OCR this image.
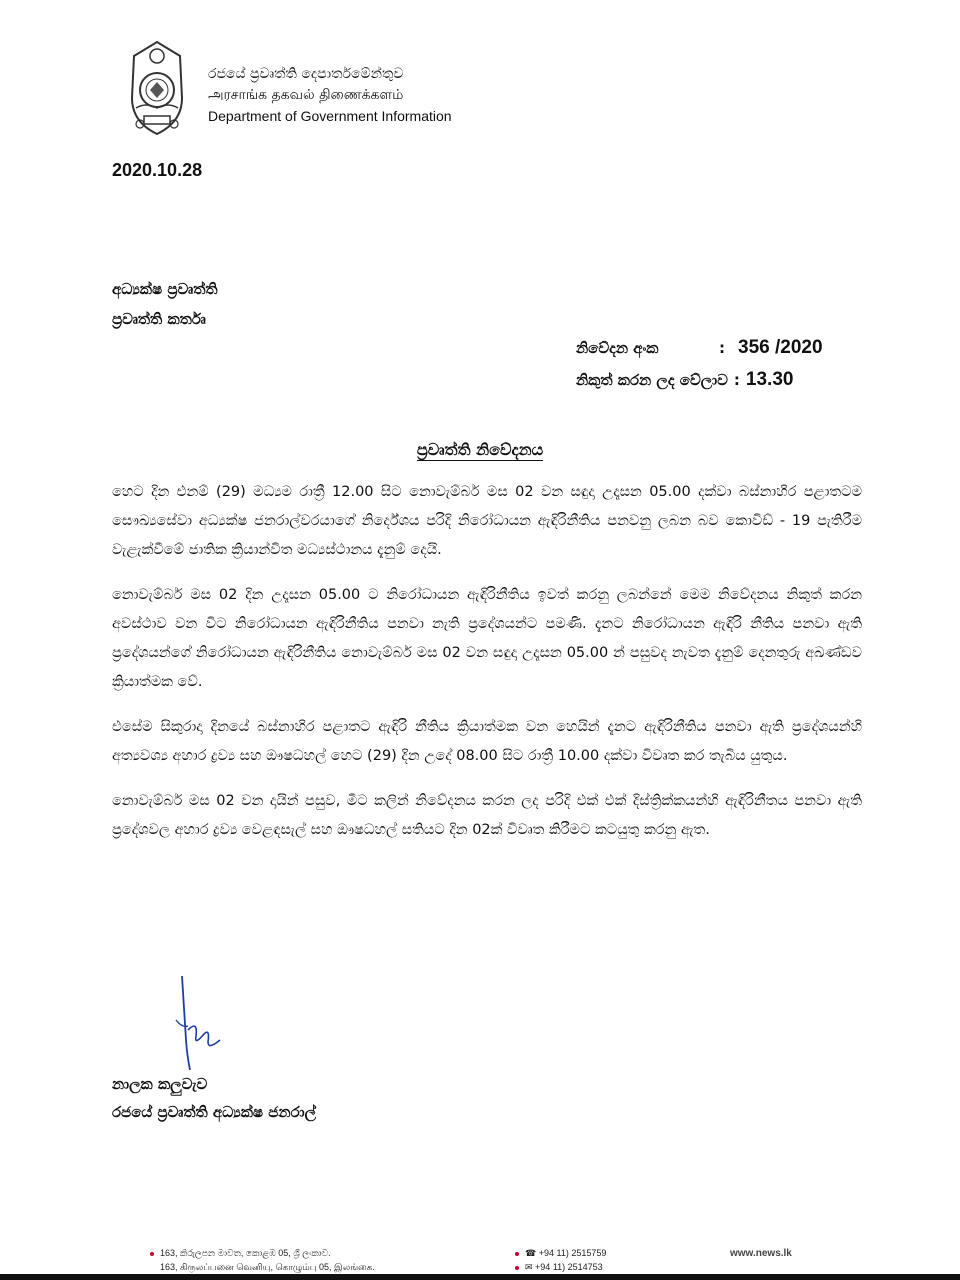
රජයේ ප්‍රවෘත්ති දෙපාර්තමේන්තුව
அரசாங்க தகவல் திணைக்களம்
Department of Government Information
2020.10.28
අධ්‍යක්ෂ ප්‍රවෘත්ති
ප්‍රවෘත්ති කර්තෘ
නිවේදන අංක	: 356 /2020
නිකුත් කරන ලද වේලාව : 13.30
ප්‍රවෘත්ති නිවේදනය

හෙට දින එනම් (29) මධ්‍යම රාත්‍රී 12.00 සිට නොවැම්බර් මස 02 වන සඳුදා උදෑසන 05.00 දක්වා බස්නාහිර පළාතටම සෞඛ්‍යසේවා අධ්‍යක්ෂ ජනරාල්වරයාගේ නිර්දේශය පරිදි නිරෝධායන ඇඳිරිනීතිය පනවනු ලබන බව කොවිඩ් - 19 පැතිරීම වැළැක්වීමේ ජාතික ක්‍රියාන්විත මධ්‍යස්ථානය දැනුම් දෙයි.

නොවැම්බර් මස 02 දින උදෑසන 05.00 ට නිරෝධායන ඇඳිරිනීතිය ඉවත් කරනු ලබන්නේ මෙම නිවේදනය නිකුත් කරන අවස්ථාව වන විට නිරෝධායන ඇඳිරිනීතිය පනවා නැති ප්‍රදේශයන්ට පමණි. දැනට නිරෝධායන ඇඳිරි නීතිය පනවා ඇති ප්‍රදේශයන්ගේ නිරෝධායන ඇඳිරිනීතිය නොවැම්බර් මස 02 වන සඳුදා උදෑසන 05.00 න් පසුවද නැවත දැනුම් දෙනතුරු අඛණ්ඩව ක්‍රියාත්මක වේ.

එසේම සිකුරාදා දිනයේ බස්නාහිර පළාතට ඇඳිරි නීතිය ක්‍රියාත්මක වන හෙයින් දැනට ඇඳිරිනීතිය පනවා ඇති ප්‍රදේශයන්හි අත්‍යවශ්‍ය අහාර ද්‍රව්‍ය සහ ඖෂධහල් හෙට (29) දින උදේ 08.00 සිට රාත්‍රී 10.00 දක්වා විවෘත කර තැබිය යුතුය.

නොවැම්බර් මස 02 වන දායින් පසුව, මීට කලින් නිවේදනය කරන ලද පරිදි එක් එක් දිස්ත්‍රික්කයන්හි ඇඳිරිනීතය පනවා ඇති ප්‍රදේශවල අහාර ද්‍රව්‍ය වෙළඳසැල් සහ ඖෂධහල් සතියට දින 02ක් විවෘත කිරීමට කටයුතු කරනු ඇත.

නාලක කලුවැව
රජයේ ප්‍රවෘත්ති අධ්‍යක්ෂ ජනරාල්
163, කිරුලපන මාවත, කොළඹ 05, ශ්‍රී ලංකාව.
163, கிருலப்பனை வெனியு, கொழும்பு 05, இலங்கை.
☎ +94 11) 2515759
✉ +94 11) 2514753
www.news.lk
